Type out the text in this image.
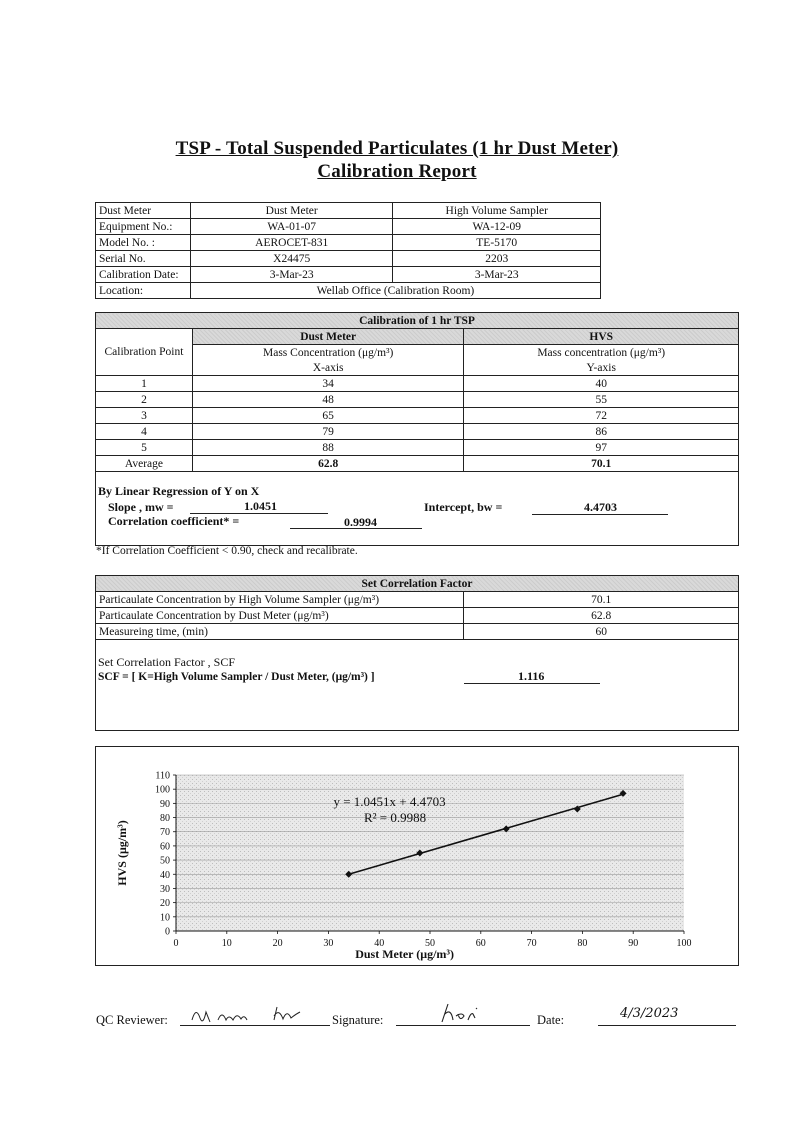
TSP - Total Suspended Particulates (1 hr Dust Meter)
Calibration Report
Dust Meter	Dust Meter	High Volume Sampler
Equipment No.:	WA-01-07	WA-12-09
Model No. :	AEROCET-831	TE-5170
Serial No.	X24475	2203
Calibration Date:	3-Mar-23	3-Mar-23
Location:	Wellab Office (Calibration Room)	
Calibration of 1 hr TSP		
Calibration Point	Dust Meter	HVS
	Mass Concentration (μg/m³)	Mass concentration (μg/m³)
	X-axis	Y-axis
1	34	40
2	48	55
3	65	72
4	79	86
5	88	97
Average	62.8	70.1
By Linear Regression of Y on X
Slope , mw =	1.0451	Intercept, bw =	4.4703
Correlation coefficient* =	0.9994
*If Correlation Coefficient < 0.90, check and recalibrate.
Set Correlation Factor	
Particaulate Concentration by High Volume Sampler (μg/m³)	70.1
Particaulate Concentration by Dust Meter (μg/m³)	62.8
Measureing time, (min)	60
Set Correlation Factor , SCF
SCF = [ K=High Volume Sampler / Dust Meter, (μg/m³) ]	1.116
0
10
20
30
40
50
60
70
80
90
100
110
0	10	20	30	40	50	60	70	80	90	100
y = 1.0451x + 4.4703
R² = 0.9988
Dust Meter (μg/m³)
HVS (μg/m³)
QC Reviewer:	Signature:	Date:	4/3/2023
